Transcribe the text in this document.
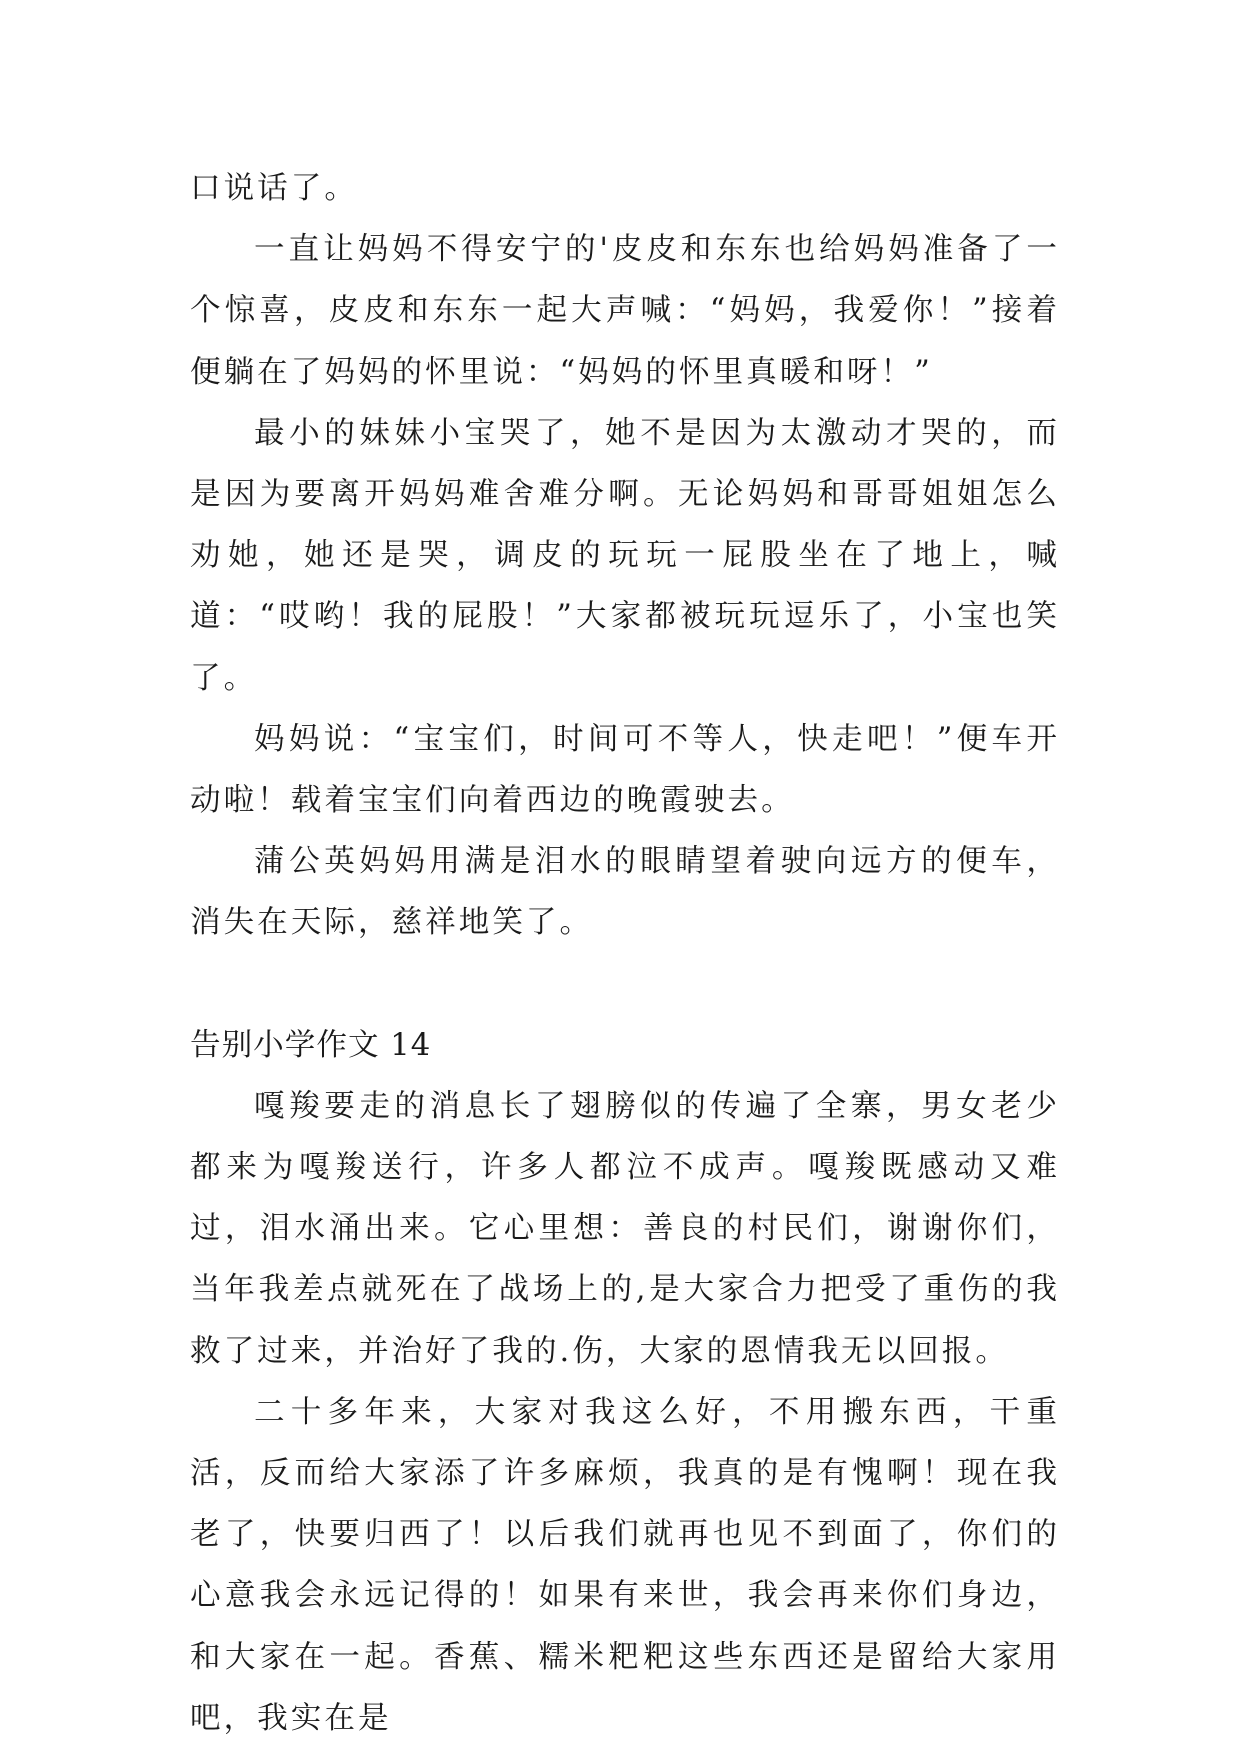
口说话了。

一直让妈妈不得安宁的'皮皮和东东也给妈妈准备了一个惊喜，皮皮和东东一起大声喊：“妈妈，我爱你！”接着便躺在了妈妈的怀里说：“妈妈的怀里真暖和呀！”

最小的妹妹小宝哭了，她不是因为太激动才哭的，而是因为要离开妈妈难舍难分啊。无论妈妈和哥哥姐姐怎么劝她，她还是哭，调皮的玩玩一屁股坐在了地上，喊道：“哎哟！我的屁股！”大家都被玩玩逗乐了，小宝也笑了。

妈妈说：“宝宝们，时间可不等人，快走吧！”便车开动啦！载着宝宝们向着西边的晚霞驶去。

蒲公英妈妈用满是泪水的眼睛望着驶向远方的便车，消失在天际，慈祥地笑了。

告别小学作文 14

嘎羧要走的消息长了翅膀似的传遍了全寨，男女老少都来为嘎羧送行，许多人都泣不成声。嘎羧既感动又难过，泪水涌出来。它心里想：善良的村民们，谢谢你们，当年我差点就死在了战场上的,是大家合力把受了重伤的我救了过来，并治好了我的.伤，大家的恩情我无以回报。

二十多年来，大家对我这么好，不用搬东西，干重活，反而给大家添了许多麻烦，我真的是有愧啊！现在我老了，快要归西了！以后我们就再也见不到面了，你们的心意我会永远记得的！如果有来世，我会再来你们身边，和大家在一起。香蕉、糯米粑粑这些东西还是留给大家用吧，我实在是
